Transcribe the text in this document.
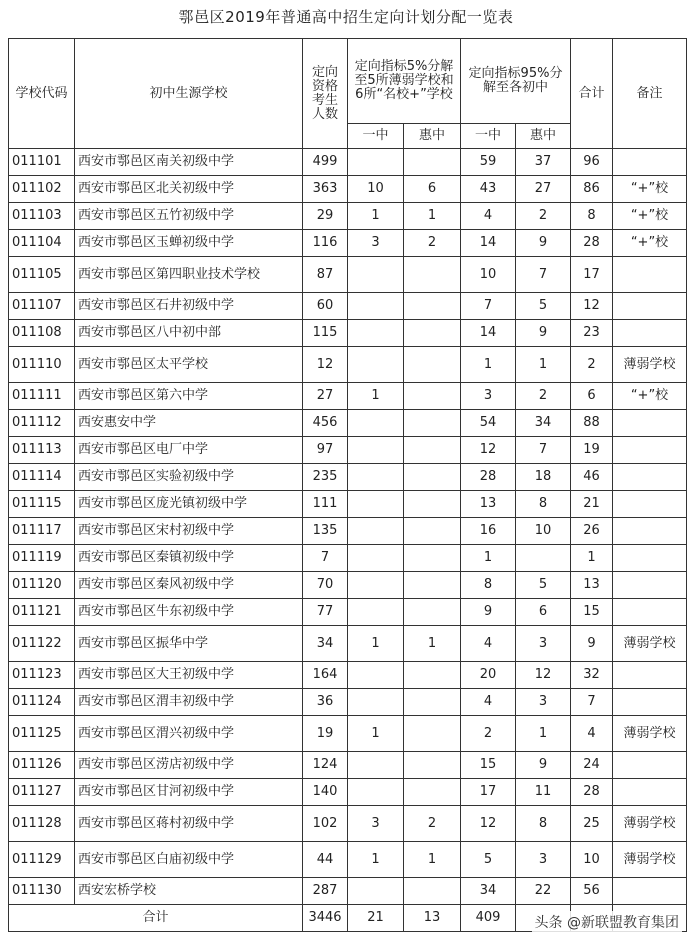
鄠邑区2019年普通高中招生定向计划分配一览表
学校代码	初中生源学校	定向资格考生人数	定向指标5%分解至5所薄弱学校和6所“名校+”学校		定向指标95%分解至各初中		合计	备注
			一中	惠中	一中	惠中		
011101	西安市鄠邑区南关初级中学	499			59	37	96	
011102	西安市鄠邑区北关初级中学	363	10	6	43	27	86	“+”校
011103	西安市鄠邑区五竹初级中学	29	1	1	4	2	8	“+”校
011104	西安市鄠邑区玉蝉初级中学	116	3	2	14	9	28	“+”校
011105	西安市鄠邑区第四职业技术学校	87			10	7	17	
011107	西安市鄠邑区石井初级中学	60			7	5	12	
011108	西安市鄠邑区八中初中部	115			14	9	23	
011110	西安市鄠邑区太平学校	12			1	1	2	薄弱学校
011111	西安市鄠邑区第六中学	27	1		3	2	6	“+”校
011112	西安惠安中学	456			54	34	88	
011113	西安市鄠邑区电厂中学	97			12	7	19	
011114	西安市鄠邑区实验初级中学	235			28	18	46	
011115	西安市鄠邑区庞光镇初级中学	111			13	8	21	
011117	西安市鄠邑区宋村初级中学	135			16	10	26	
011119	西安市鄠邑区秦镇初级中学	7			1		1	
011120	西安市鄠邑区秦风初级中学	70			8	5	13	
011121	西安市鄠邑区牛东初级中学	77			9	6	15	
011122	西安市鄠邑区振华中学	34	1	1	4	3	9	薄弱学校
011123	西安市鄠邑区大王初级中学	164			20	12	32	
011124	西安市鄠邑区渭丰初级中学	36			4	3	7	
011125	西安市鄠邑区渭兴初级中学	19	1		2	1	4	薄弱学校
011126	西安市鄠邑区涝店初级中学	124			15	9	24	
011127	西安市鄠邑区甘河初级中学	140			17	11	28	
011128	西安市鄠邑区蒋村初级中学	102	3	2	12	8	25	薄弱学校
011129	西安市鄠邑区白庙初级中学	44	1	1	5	3	10	薄弱学校
011130	西安宏桥学校	287			34	22	56	
合计		3446	21	13	409			头条 @新联盟教育集团
